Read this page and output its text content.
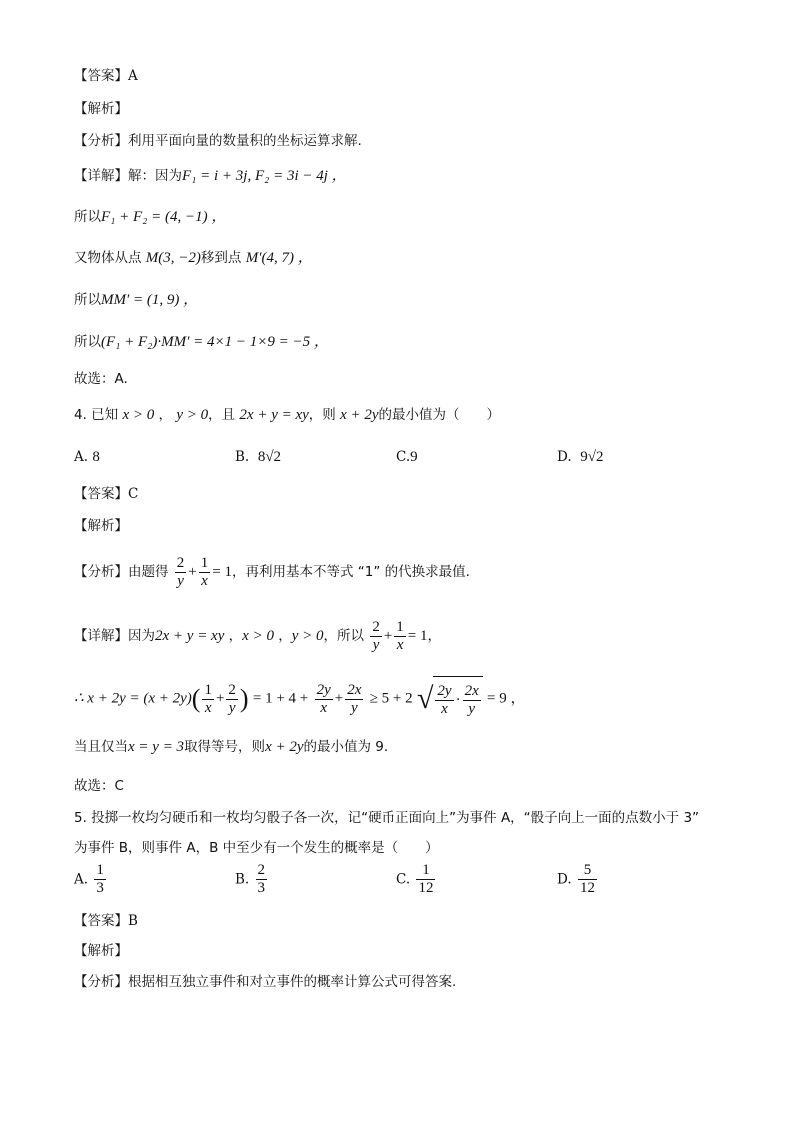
【答案】A
【解析】
【分析】利用平面向量的数量积的坐标运算求解.
【详解】解：因为F₁ = i + 3j, F₂ = 3i − 4j ，
所以F₁ + F₂ = (4, −1) ，
又物体从点 M(3, −2)移到点 M′(4, 7) ，
所以MM′ = (1, 9) ，
所以(F₁ + F₂)·MM′ = 4×1 − 1×9 = −5 ，
故选：A.
4. 已知 x > 0 ， y > 0，且 2x + y = xy，则 x + 2y的最小值为（　　）
A. 8	B. 8√2	C.9	D. 9√2
【答案】C
【解析】
【分析】由题得 $\frac{2}{y} + \frac{1}{x} = 1$，再利用基本不等式 “1” 的代换求最值.
【详解】因为2x + y = xy ，x > 0 ，y > 0，所以 $\frac{2}{y} + \frac{1}{x} = 1$，
∴ $x + 2y = (x + 2y)( \frac{1}{x} + \frac{2}{y}$ ) = $1 + 4 + \frac{2y}{x} + \frac{2x}{y} \ge 5 + 2$ √ $\frac{2y}{x} \cdot \frac{2x}{y} = 9$ ，
当且仅当x = y = 3取得等号，则x + 2y的最小值为 9.
故选：C
5. 投掷一枚均匀硬币和一枚均匀骰子各一次，记“硬币正面向上”为事件 A，“骰子向上一面的点数小于 3”
为事件 B，则事件 A，B 中至少有一个发生的概率是（　　）
A. $\frac{1}{3}$	B. $\frac{2}{3}$	C. $\frac{1}{12}$	D. $\frac{5}{12}$
【答案】B
【解析】
【分析】根据相互独立事件和对立事件的概率计算公式可得答案.
